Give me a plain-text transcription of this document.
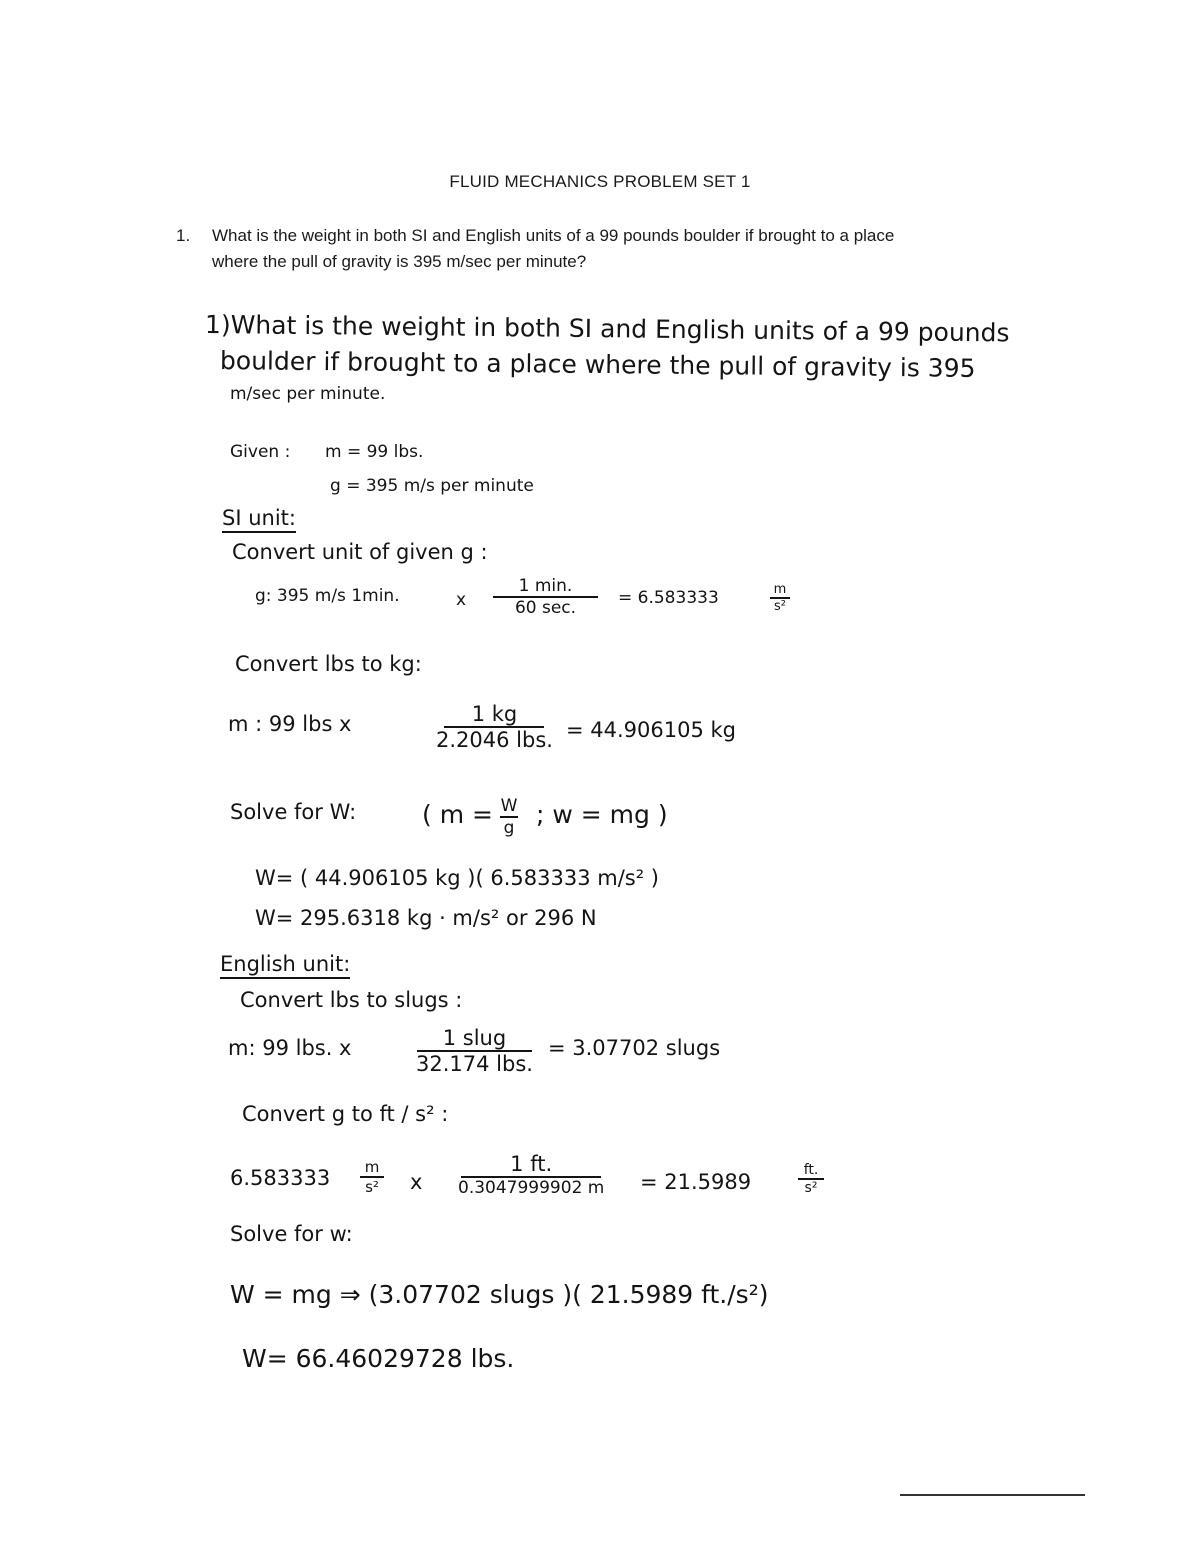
FLUID MECHANICS PROBLEM SET 1
1. What is the weight in both SI and English units of a 99 pounds boulder if brought to a place
where the pull of gravity is 395 m/sec per minute?
1)What is the weight in both SI and English units of a 99 pounds
boulder if brought to a place where the pull of gravity is 395
m/sec per minute.
Given : m = 99 lbs.
g = 395 m/s per minute
SI unit:
Convert unit of given g :
g: 395 m/s 1min.	x
1 min.
60 sec. = 6.583333	m
s²
Convert lbs to kg:
m : 99 lbs x	1 kg
2.2046 lbs. = 44.906105 kg
Solve for W:	( m = W
g ; w = mg )
W= ( 44.906105 kg )( 6.583333 m/s² )
W= 295.6318 kg · m/s² or 296 N
English unit:
Convert lbs to slugs :
m: 99 lbs. x	1 slug
32.174 lbs.
= 3.07702 slugs
Convert g to ft / s² :
6.583333 m
s² x
1 ft.
0.3047999902 m = 21.5989	ft.
s²
Solve for w:
W = mg ⇒ (3.07702 slugs )( 21.5989 ft./s²)
W= 66.46029728 lbs.
